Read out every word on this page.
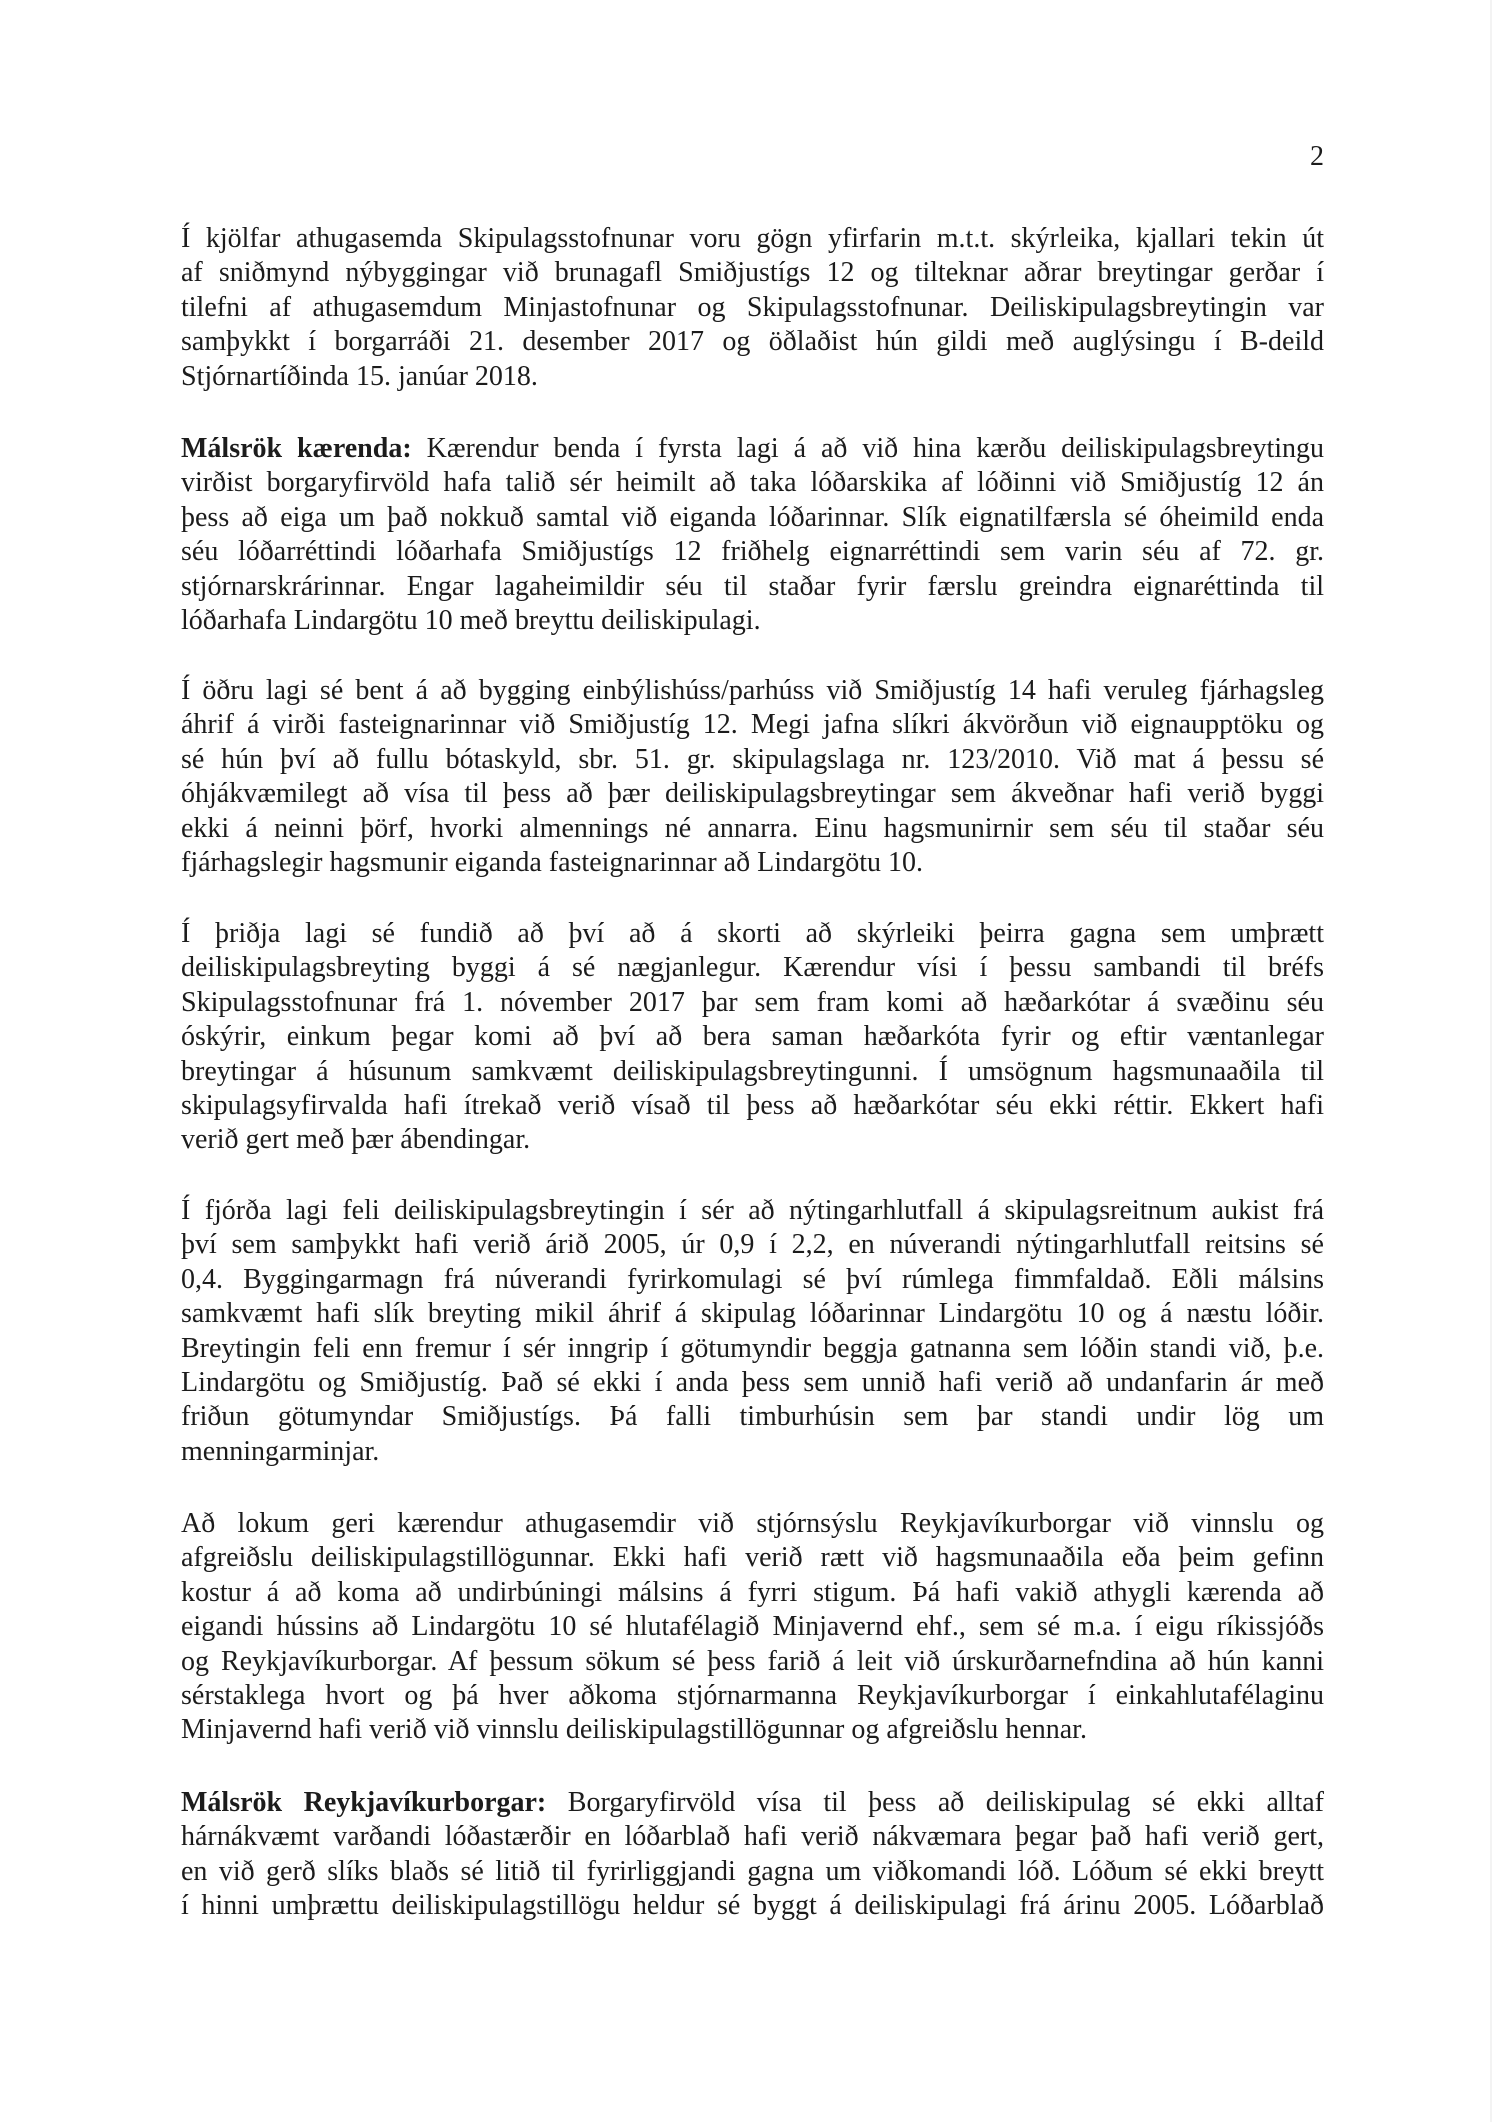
2
Í kjölfar athugasemda Skipulagsstofnunar voru gögn yfirfarin m.t.t. skýrleika, kjallari tekin út
af sniðmynd nýbyggingar við brunagafl Smiðjustígs 12 og tilteknar aðrar breytingar gerðar í
tilefni af athugasemdum Minjastofnunar og Skipulagsstofnunar. Deiliskipulagsbreytingin var
samþykkt í borgarráði 21. desember 2017 og öðlaðist hún gildi með auglýsingu í B-deild
Stjórnartíðinda 15. janúar 2018.
Málsrök kærenda: Kærendur benda í fyrsta lagi á að við hina kærðu deiliskipulagsbreytingu
virðist borgaryfirvöld hafa talið sér heimilt að taka lóðarskika af lóðinni við Smiðjustíg 12 án
þess að eiga um það nokkuð samtal við eiganda lóðarinnar. Slík eignatilfærsla sé óheimild enda
séu lóðarréttindi lóðarhafa Smiðjustígs 12 friðhelg eignarréttindi sem varin séu af 72. gr.
stjórnarskrárinnar. Engar lagaheimildir séu til staðar fyrir færslu greindra eignaréttinda til
lóðarhafa Lindargötu 10 með breyttu deiliskipulagi.
Í öðru lagi sé bent á að bygging einbýlishúss/parhúss við Smiðjustíg 14 hafi veruleg fjárhagsleg
áhrif á virði fasteignarinnar við Smiðjustíg 12. Megi jafna slíkri ákvörðun við eignaupptöku og
sé hún því að fullu bótaskyld, sbr. 51. gr. skipulagslaga nr. 123/2010. Við mat á þessu sé
óhjákvæmilegt að vísa til þess að þær deiliskipulagsbreytingar sem ákveðnar hafi verið byggi
ekki á neinni þörf, hvorki almennings né annarra. Einu hagsmunirnir sem séu til staðar séu
fjárhagslegir hagsmunir eiganda fasteignarinnar að Lindargötu 10.
Í þriðja lagi sé fundið að því að á skorti að skýrleiki þeirra gagna sem umþrætt
deiliskipulagsbreyting byggi á sé nægjanlegur. Kærendur vísi í þessu sambandi til bréfs
Skipulagsstofnunar frá 1. nóvember 2017 þar sem fram komi að hæðarkótar á svæðinu séu
óskýrir, einkum þegar komi að því að bera saman hæðarkóta fyrir og eftir væntanlegar
breytingar á húsunum samkvæmt deiliskipulagsbreytingunni. Í umsögnum hagsmunaaðila til
skipulagsyfirvalda hafi ítrekað verið vísað til þess að hæðarkótar séu ekki réttir. Ekkert hafi
verið gert með þær ábendingar.
Í fjórða lagi feli deiliskipulagsbreytingin í sér að nýtingarhlutfall á skipulagsreitnum aukist frá
því sem samþykkt hafi verið árið 2005, úr 0,9 í 2,2, en núverandi nýtingarhlutfall reitsins sé
0,4. Byggingarmagn frá núverandi fyrirkomulagi sé því rúmlega fimmfaldað. Eðli málsins
samkvæmt hafi slík breyting mikil áhrif á skipulag lóðarinnar Lindargötu 10 og á næstu lóðir.
Breytingin feli enn fremur í sér inngrip í götumyndir beggja gatnanna sem lóðin standi við, þ.e.
Lindargötu og Smiðjustíg. Það sé ekki í anda þess sem unnið hafi verið að undanfarin ár með
friðun götumyndar Smiðjustígs. Þá falli timburhúsin sem þar standi undir lög um
menningarminjar.
Að lokum geri kærendur athugasemdir við stjórnsýslu Reykjavíkurborgar við vinnslu og
afgreiðslu deiliskipulagstillögunnar. Ekki hafi verið rætt við hagsmunaaðila eða þeim gefinn
kostur á að koma að undirbúningi málsins á fyrri stigum. Þá hafi vakið athygli kærenda að
eigandi hússins að Lindargötu 10 sé hlutafélagið Minjavernd ehf., sem sé m.a. í eigu ríkissjóðs
og Reykjavíkurborgar. Af þessum sökum sé þess farið á leit við úrskurðarnefndina að hún kanni
sérstaklega hvort og þá hver aðkoma stjórnarmanna Reykjavíkurborgar í einkahlutafélaginu
Minjavernd hafi verið við vinnslu deiliskipulagstillögunnar og afgreiðslu hennar.
Málsrök Reykjavíkurborgar: Borgaryfirvöld vísa til þess að deiliskipulag sé ekki alltaf
hárnákvæmt varðandi lóðastærðir en lóðarblað hafi verið nákvæmara þegar það hafi verið gert,
en við gerð slíks blaðs sé litið til fyrirliggjandi gagna um viðkomandi lóð. Lóðum sé ekki breytt
í hinni umþrættu deiliskipulagstillögu heldur sé byggt á deiliskipulagi frá árinu 2005. Lóðarblað
